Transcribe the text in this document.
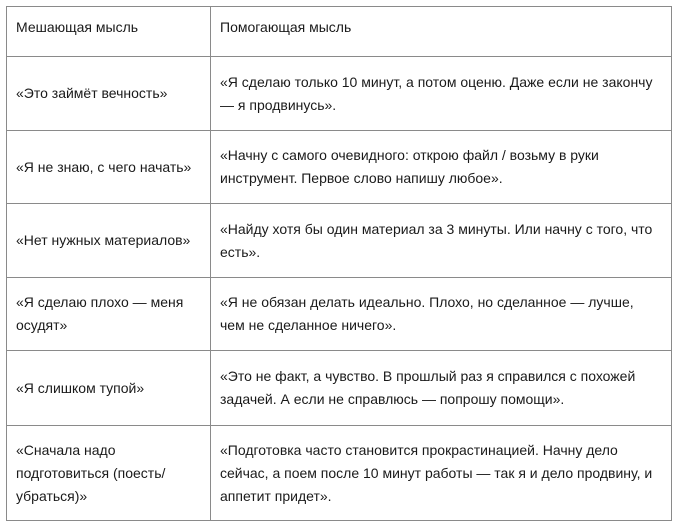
Мешающая мысль	Помогающая мысль
«Это займёт вечность»	«Я сделаю только 10 минут, а потом оценю. Даже если не закончу — я продвинусь».
«Я не знаю, с чего начать»	«Начну с самого очевидного: открою файл / возьму в руки инструмент. Первое слово напишу любое».
«Нет нужных материалов»	«Найду хотя бы один материал за 3 минуты. Или начну с того, что есть».
«Я сделаю плохо — меня осудят»	«Я не обязан делать идеально. Плохо, но сделанное — лучше, чем не сделанное ничего».
«Я слишком тупой»	«Это не факт, а чувство. В прошлый раз я справился с похожей задачей. А если не справлюсь — попрошу помощи».
«Сначала надо подготовиться (поесть/убраться)»	«Подготовка часто становится прокрастинацией. Начну дело сейчас, а поем после 10 минут работы — так я и дело продвину, и аппетит придет».
